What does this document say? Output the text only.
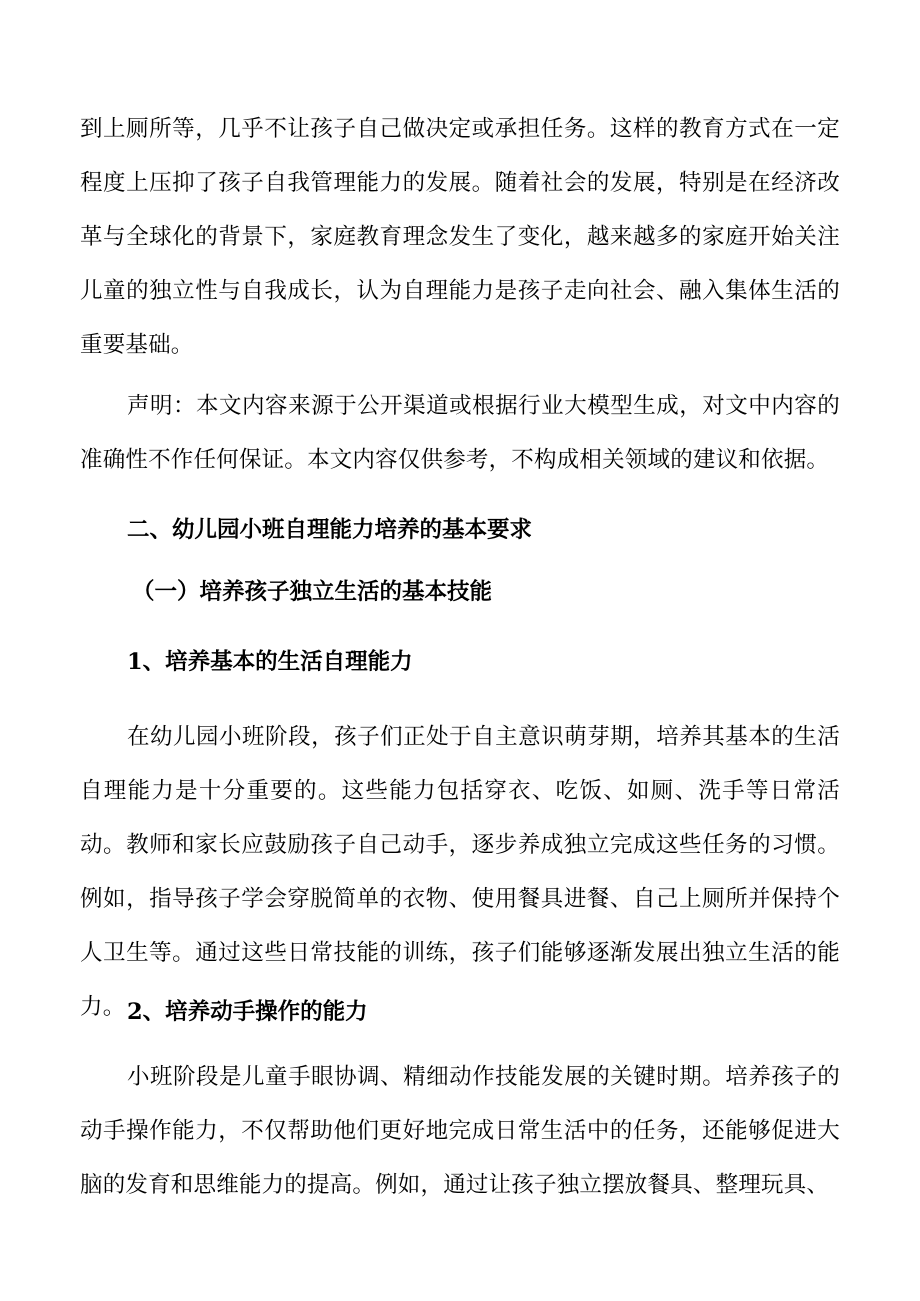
到上厕所等，几乎不让孩子自己做决定或承担任务。这样的教育方式在一定程度上压抑了孩子自我管理能力的发展。随着社会的发展，特别是在经济改革与全球化的背景下，家庭教育理念发生了变化，越来越多的家庭开始关注儿童的独立性与自我成长，认为自理能力是孩子走向社会、融入集体生活的重要基础。

声明：本文内容来源于公开渠道或根据行业大模型生成，对文中内容的准确性不作任何保证。本文内容仅供参考，不构成相关领域的建议和依据。

二、幼儿园小班自理能力培养的基本要求
（一）培养孩子独立生活的基本技能
1、培养基本的生活自理能力

在幼儿园小班阶段，孩子们正处于自主意识萌芽期，培养其基本的生活自理能力是十分重要的。这些能力包括穿衣、吃饭、如厕、洗手等日常活动。教师和家长应鼓励孩子自己动手，逐步养成独立完成这些任务的习惯。例如，指导孩子学会穿脱简单的衣物、使用餐具进餐、自己上厕所并保持个人卫生等。通过这些日常技能的训练，孩子们能够逐渐发展出独立生活的能力。 2、培养动手操作的能力

小班阶段是儿童手眼协调、精细动作技能发展的关键时期。培养孩子的动手操作能力，不仅帮助他们更好地完成日常生活中的任务，还能够促进大脑的发育和思维能力的提高。例如，通过让孩子独立摆放餐具、整理玩具、
